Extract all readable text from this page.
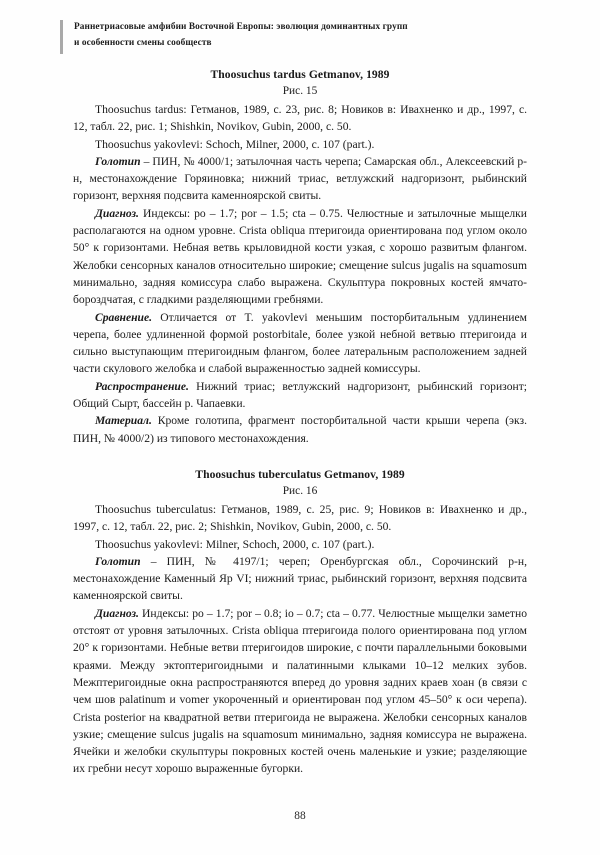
Раннетриасовые амфибии Восточной Европы: эволюция доминантных групп
и особенности смены сообществ
Thoosuchus tardus Getmanov, 1989
Рис. 15

Thoosuchus tardus: Гетманов, 1989, с. 23, рис. 8; Новиков в: Ивахненко и др., 1997, с. 12, табл. 22, рис. 1; Shishkin, Novikov, Gubin, 2000, с. 50.

Thoosuchus yakovlevi: Schoch, Milner, 2000, с. 107 (part.).

Голотип – ПИН, № 4000/1; затылочная часть черепа; Самарская обл., Алексеевский р-н, местонахождение Горяиновка; нижний триас, ветлужский надгоризонт, рыбинский горизонт, верхняя подсвита каменноярской свиты.

Диагноз. Индексы: po – 1.7; por – 1.5; cta – 0.75. Челюстные и затылочные мыщелки располагаются на одном уровне. Crista obliqua птеригоида ориентирована под углом около 50° к горизонтами. Небная ветвь крыловидной кости узкая, с хорошо развитым флангом. Желобки сенсорных каналов относительно широкие; смещение sulcus jugalis на squamosum минимально, задняя комиссура слабо выражена. Скульптура покровных костей ямчато-бороздчатая, с гладкими разделяющими гребнями.

Сравнение. Отличается от T. yakovlevi меньшим посторбитальным удлинением черепа, более удлиненной формой postorbitale, более узкой небной ветвью птеригоида и сильно выступающим птеригоидным флангом, более латеральным расположением задней части скулового желобка и слабой выраженностью задней комиссуры.

Распространение. Нижний триас; ветлужский надгоризонт, рыбинский горизонт; Общий Сырт, бассейн р. Чапаевки.

Материал. Кроме голотипа, фрагмент посторбитальной части крыши черепа (экз. ПИН, № 4000/2) из типового местонахождения.

Thoosuchus tuberculatus Getmanov, 1989
Рис. 16

Thoosuchus tuberculatus: Гетманов, 1989, с. 25, рис. 9; Новиков в: Ивахненко и др., 1997, с. 12, табл. 22, рис. 2; Shishkin, Novikov, Gubin, 2000, с. 50.

Thoosuchus yakovlevi: Milner, Schoch, 2000, с. 107 (part.).

Голотип – ПИН, № 4197/1; череп; Оренбургская обл., Сорочинский р-н, местонахождение Каменный Яр VI; нижний триас, рыбинский горизонт, верхняя подсвита каменноярской свиты.

Диагноз. Индексы: po – 1.7; por – 0.8; io – 0.7; cta – 0.77. Челюстные мыщелки заметно отстоят от уровня затылочных. Crista obliqua птеригоида полого ориентирована под углом 20° к горизонтами. Небные ветви птеригоидов широкие, с почти параллельными боковыми краями. Между эктоптеригоидными и палатинными клыками 10–12 мелких зубов. Межптеригоидные окна распространяются вперед до уровня задних краев хоан (в связи с чем шов palatinum и vomer укороченный и ориентирован под углом 45–50° к оси черепа). Crista posterior на квадратной ветви птеригоида не выражена. Желобки сенсорных каналов узкие; смещение sulcus jugalis на squamosum минимально, задняя комиссура не выражена. Ячейки и желобки скульптуры покровных костей очень маленькие и узкие; разделяющие их гребни несут хорошо выраженные бугорки.

88
